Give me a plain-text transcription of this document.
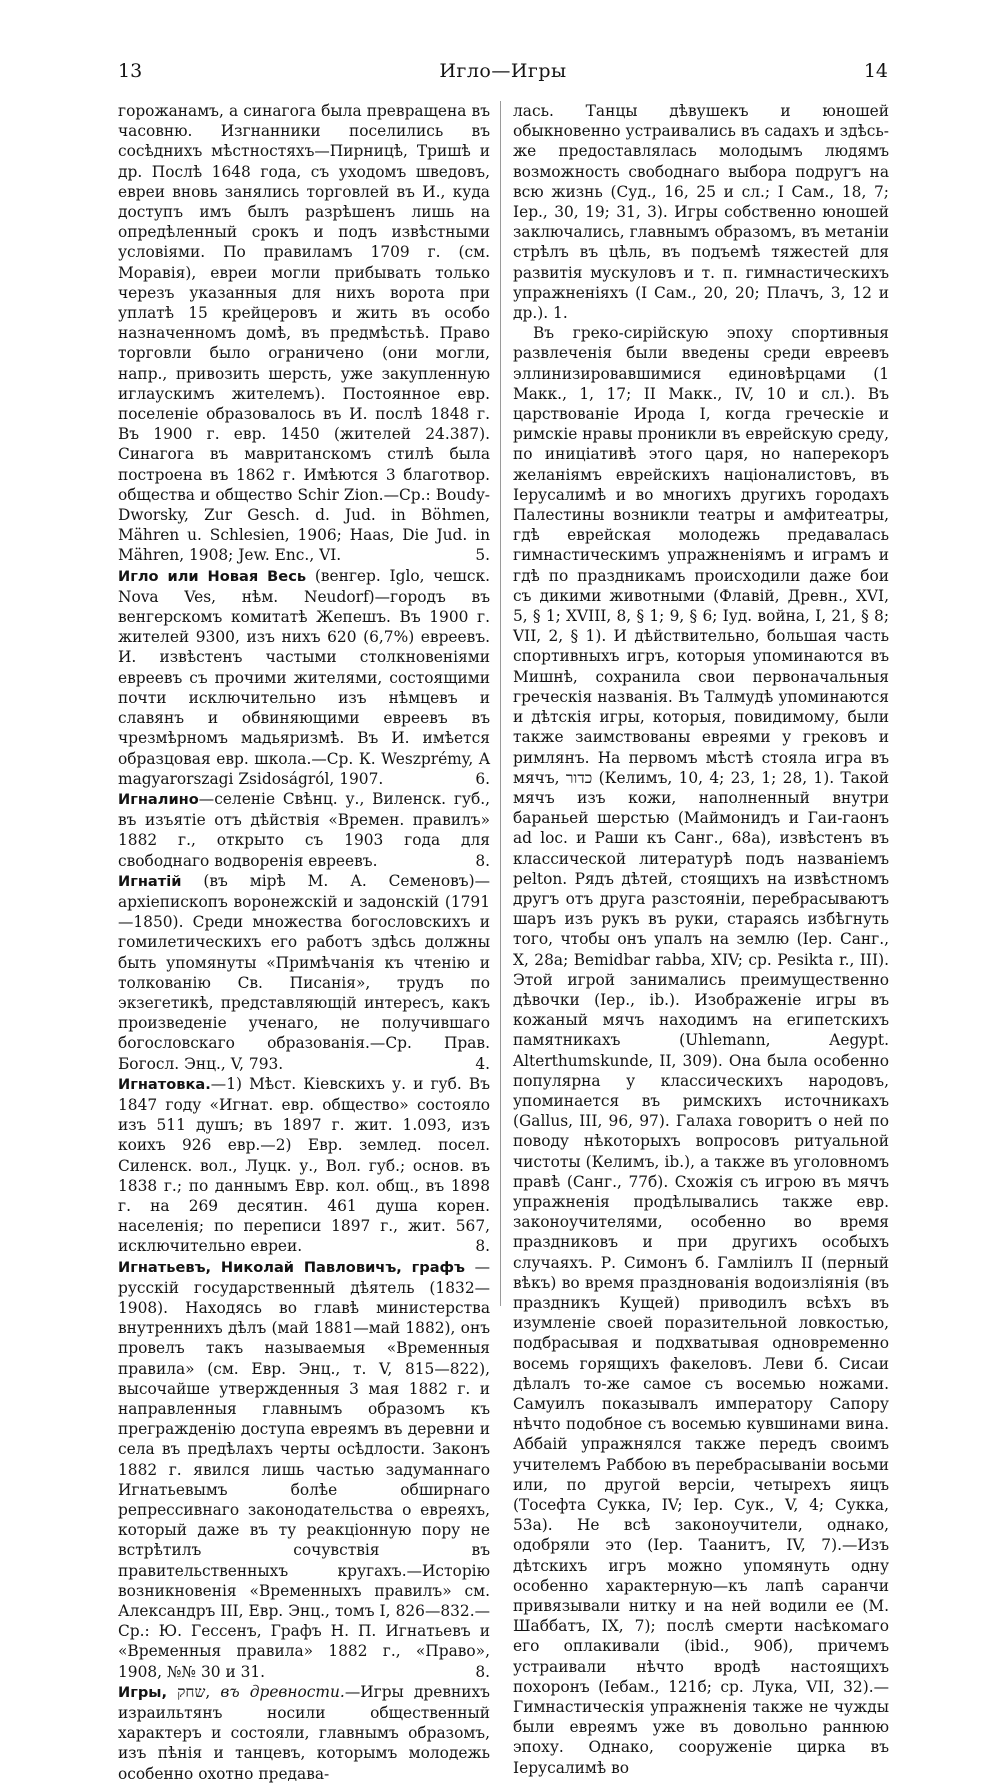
13	Игло—Игры	14

горожанамъ, а синагога была превращена въ часовню. Изгнанники поселились въ сосѣднихъ мѣстностяхъ—Пирницѣ, Тришѣ и др. Послѣ 1648 года, съ уходомъ шведовъ, евреи вновь занялись торговлей въ И., куда доступъ имъ былъ разрѣшенъ лишь на опредѣленный срокъ и подъ извѣстными условіями. По правиламъ 1709 г. (см. Моравія), евреи могли прибывать только черезъ указанныя для нихъ ворота при уплатѣ 15 крейцеровъ и жить въ особо назначенномъ домѣ, въ предмѣстьѣ. Право торговли было ограничено (они могли, напр., привозить шерсть, уже закупленную иглаускимъ жителемъ). Постоянное евр. поселеніе образовалось въ И. послѣ 1848 г. Въ 1900 г. евр. 1450 (жителей 24.387). Синагога въ мавританскомъ стилѣ была построена въ 1862 г. Имѣются 3 благотвор. общества и общество Schir Zion.—Ср.: Boudy-Dworsky, Zur Gesch. d. Jud. in Böhmen, Mähren u. Schlesien, 1906; Haas, Die Jud. in Mähren, 1908; Jew. Enc., VI.	5.

Игло или Новая Весь (венгер. Iglo, чешск. Nova Ves, нѣм. Neudorf)—городъ въ венгерскомъ комитатѣ Жепешъ. Въ 1900 г. жителей 9300, изъ нихъ 620 (6,7%) евреевъ. И. извѣстенъ частыми столкновеніями евреевъ съ прочими жителями, состоящими почти исключительно изъ нѣмцевъ и славянъ и обвиняющими евреевъ въ чрезмѣрномъ мадьяризмѣ. Въ И. имѣется образцовая евр. школа.—Ср. К. Weszprémy, A magyarorszagi Zsidoságról, 1907.	6.

Игналино—селеніе Свѣнц. у., Виленск. губ., въ изъятіе отъ дѣйствія «Времен. правилъ» 1882 г., открыто съ 1903 года для свободнаго водворенія евреевъ.	8.

Игнатій (въ мірѣ М. А. Семеновъ)—архіепископъ воронежскій и задонскій (1791—1850). Среди множества богословскихъ и гомилетическихъ его работъ здѣсь должны быть упомянуты «Примѣчанія къ чтенію и толкованію Св. Писанія», трудъ по экзегетикѣ, представляющій интересъ, какъ произведеніе ученаго, не получившаго богословскаго образованія.—Ср. Прав. Богосл. Энц., V, 793.	4.

Игнатовка.—1) Мѣст. Кіевскихъ у. и губ. Въ 1847 году «Игнат. евр. общество» состояло изъ 511 душъ; въ 1897 г. жит. 1.093, изъ коихъ 926 евр.—2) Евр. землед. посел. Силенск. вол., Луцк. у., Вол. губ.; основ. въ 1838 г.; по даннымъ Евр. кол. общ., въ 1898 г. на 269 десятин. 461 душа корен. населенія; по переписи 1897 г., жит. 567, исключительно евреи.	8.

Игнатьевъ, Николай Павловичъ, графъ — русскій государственный дѣятель (1832—1908). Находясь во главѣ министерства внутреннихъ дѣлъ (май 1881—май 1882), онъ провелъ такъ называемыя «Временныя правила» (см. Евр. Энц., т. V, 815—822), высочайше утвержденныя 3 мая 1882 г. и направленныя главнымъ образомъ къ преграждeнію доступа евреямъ въ деревни и села въ предѣлахъ черты осѣдлости. Законъ 1882 г. явился лишь частью задуманнаго Игнатьевымъ болѣе обширнаго репрессивнаго законодательства о евреяхъ, который даже въ ту реакціонную пору не встрѣтилъ сочувствія въ правительственныхъ кругахъ.—Исторію возникновенія «Временныхъ правилъ» см. Александръ III, Евр. Энц., томъ I, 826—832.—Ср.: Ю. Гессенъ, Графъ Н. П. Игнатьевъ и «Временныя правила» 1882 г., «Право», 1908, №№ 30 и 31.	8.

Игры, שחק, въ древности.—Игры древнихъ израильтянъ носили общественный характеръ и состояли, главнымъ образомъ, изъ пѣнія и танцевъ, которымъ молодежь особенно охотно предава-

лась. Танцы дѣвушекъ и юношей обыкновенно устраивались въ садахъ и здѣсь-же предоставлялась молодымъ людямъ возможность свободнаго выбора подругъ на всю жизнь (Суд., 16, 25 и сл.; I Сам., 18, 7; Іер., 30, 19; 31, 3). Игры собственно юношей заключались, главнымъ образомъ, въ метаніи стрѣлъ въ цѣль, въ подъемѣ тяжестей для развитія мускуловъ и т. п. гимнастическихъ упражненіяхъ (I Сам., 20, 20; Плачъ, 3, 12 и др.). 1.

Въ греко-сирійскую эпоху спортивныя развлеченія были введены среди евреевъ эллинизировавшимися единовѣрцами (1 Макк., 1, 17; II Макк., IV, 10 и сл.). Въ царствованіе Ирода I, когда греческіе и римскіе нравы проникли въ еврейскую среду, по иниціативѣ этого царя, но наперекоръ желаніямъ еврейскихъ націоналистовъ, въ Іерусалимѣ и во многихъ другихъ городахъ Палестины возникли театры и амфитеатры, гдѣ еврейская молодежь предавалась гимнастическимъ упражненіямъ и играмъ и гдѣ по праздникамъ происходили даже бои съ дикими животными (Флавій, Древн., XVI, 5, § 1; XVIII, 8, § 1; 9, § 6; Іуд. война, I, 21, § 8; VII, 2, § 1). И дѣйствительно, большая часть спортивныхъ игръ, которыя упоминаются въ Мишнѣ, сохранила свои первоначальныя греческія названія. Въ Талмудѣ упоминаются и дѣтскія игры, которыя, повидимому, были также заимствованы евреями у грековъ и римлянъ. На первомъ мѣстѣ стояла игра въ мячъ, כדור (Келимъ, 10, 4; 23, 1; 28, 1). Такой мячъ изъ кожи, наполненный внутри бараньей шерстью (Маймонидъ и Гаи-гаонъ ad loc. и Раши къ Санг., 68a), извѣстенъ въ классической литературѣ подъ названіемъ pelton. Рядъ дѣтей, стоящихъ на извѣстномъ другъ отъ друга разстояніи, перебрасываютъ шаръ изъ рукъ въ руки, стараясь избѣгнуть того, чтобы онъ упалъ на землю (Іер. Санг., X, 28a; Bemidbar rabba, XIV; ср. Pesikta r., III). Этой игрой занимались преимущественно дѣвочки (Іер., ib.). Изображеніе игры въ кожаный мячъ находимъ на египетскихъ памятникахъ (Uhlemann, Aegypt. Alterthumskunde, II, 309). Она была особенно популярна у классическихъ народовъ, упоминается въ римскихъ источникахъ (Gallus, III, 96, 97). Галаха говоритъ о ней по поводу нѣкоторыхъ вопросовъ ритуальной чистоты (Келимъ, ib.), а также въ уголовномъ правѣ (Санг., 77б). Схожія съ игрою въ мячъ упражненія продѣлывались также евр. законоучителями, особенно во время праздниковъ и при другихъ особыхъ случаяхъ. Р. Симонъ б. Гамліилъ II (перный вѣкъ) во время празднованія водоизліянія (въ праздникъ Кущей) приводилъ всѣхъ въ изумленіе своей поразительной ловкостью, подбрасывая и подхватывая одновременно восемь горящихъ факеловъ. Леви б. Сисаи дѣлалъ то-же самое съ восемью ножами. Самуилъ показывалъ императору Сапору нѣчто подобное съ восемью кувшинами вина. Аббаій упражнялся также передъ своимъ учителемъ Раббою въ перебрасываніи восьми или, по другой версіи, четырехъ яицъ (Тосефта Сукка, IV; Іер. Сук., V, 4; Сукка, 53a). Не всѣ законоучители, однако, одобряли это (Іер. Таанитъ, IV, 7).—Изъ дѣтскихъ игръ можно упомянуть одну особенно характерную—къ лапѣ саранчи привязывали нитку и на ней водили ее (М. Шаббатъ, IX, 7); послѣ смерти насѣкомаго его оплакивали (ibid., 90б), причемъ устраивали нѣчто вродѣ настоящихъ похоронъ (Іебам., 121б; ср. Лука, VII, 32).—Гимнастическія упражненія также не чужды были евреямъ уже въ довольно раннюю эпоху. Однако, сооруженіе цирка въ Іерусалимѣ во
